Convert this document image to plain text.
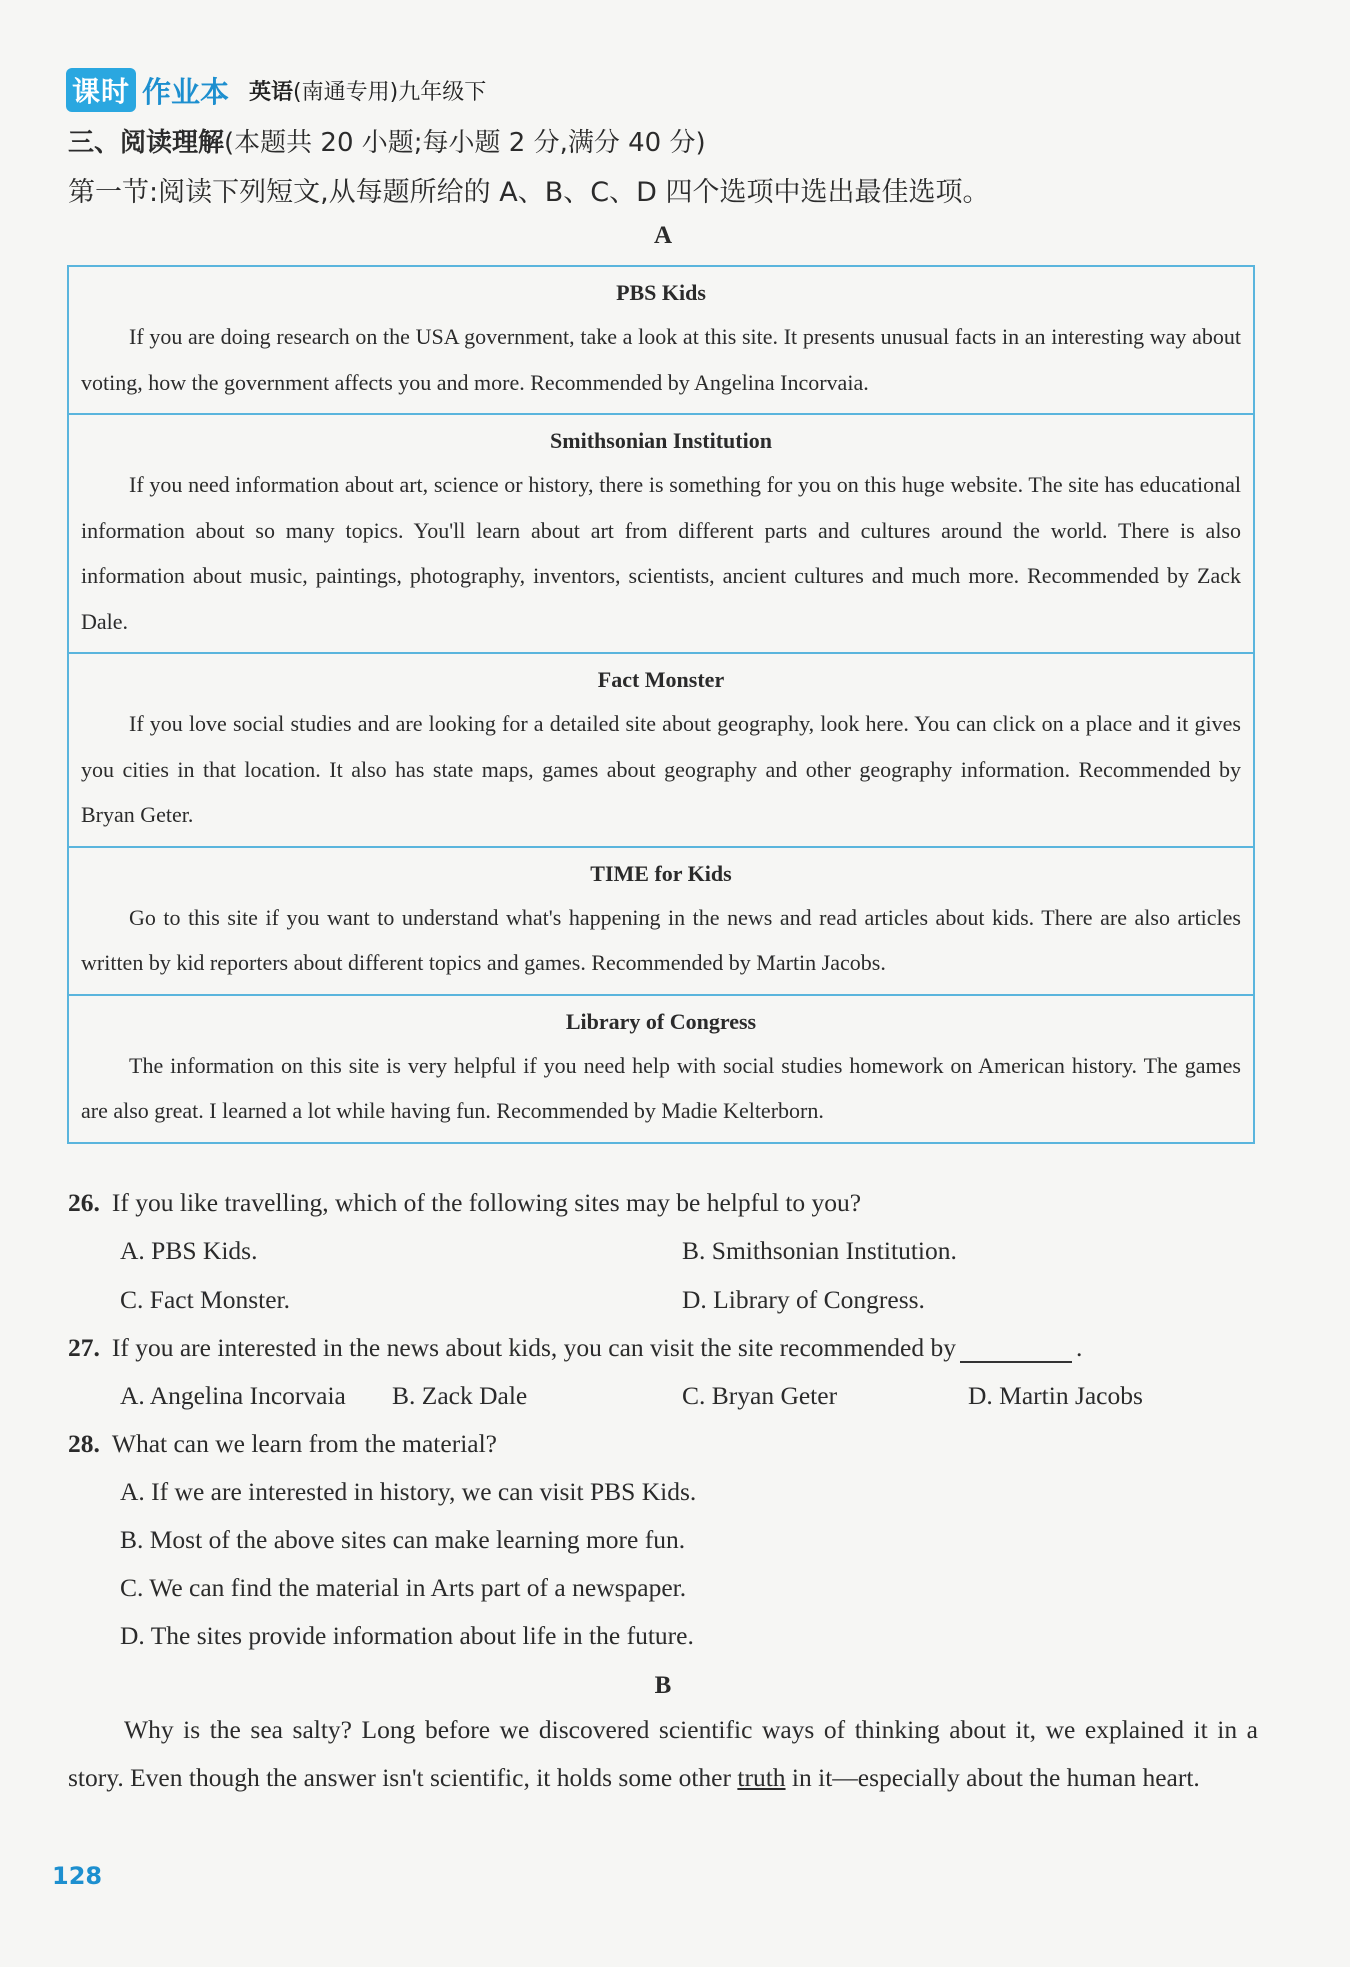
课时 作业本 英语(南通专用)九年级下
三、阅读理解(本题共 20 小题;每小题 2 分,满分 40 分)
第一节:阅读下列短文,从每题所给的 A、B、C、D 四个选项中选出最佳选项。
A
PBS Kids
If you are doing research on the USA government, take a look at this site. It presents unusual facts in an interesting way about voting, how the government affects you and more. Recommended by Angelina Incorvaia.
Smithsonian Institution
If you need information about art, science or history, there is something for you on this huge website. The site has educational information about so many topics. You'll learn about art from different parts and cultures around the world. There is also information about music, paintings, photography, inventors, scientists, ancient cultures and much more. Recommended by Zack Dale.
Fact Monster
If you love social studies and are looking for a detailed site about geography, look here. You can click on a place and it gives you cities in that location. It also has state maps, games about geography and other geography information. Recommended by Bryan Geter.
TIME for Kids
Go to this site if you want to understand what's happening in the news and read articles about kids. There are also articles written by kid reporters about different topics and games. Recommended by Martin Jacobs.
Library of Congress
The information on this site is very helpful if you need help with social studies homework on American history. The games are also great. I learned a lot while having fun. Recommended by Madie Kelterborn.
26. If you like travelling, which of the following sites may be helpful to you?
A. PBS Kids.	B. Smithsonian Institution.
C. Fact Monster.	D. Library of Congress.
27. If you are interested in the news about kids, you can visit the site recommended by	.
A. Angelina Incorvaia B. Zack Dale	C. Bryan Geter	D. Martin Jacobs
28. What can we learn from the material?
A. If we are interested in history, we can visit PBS Kids.
B. Most of the above sites can make learning more fun.
C. We can find the material in Arts part of a newspaper.
D. The sites provide information about life in the future.
B
Why is the sea salty? Long before we discovered scientific ways of thinking about it, we explained it in a story. Even though the answer isn't scientific, it holds some other truth in it—especially about the human heart.
128
